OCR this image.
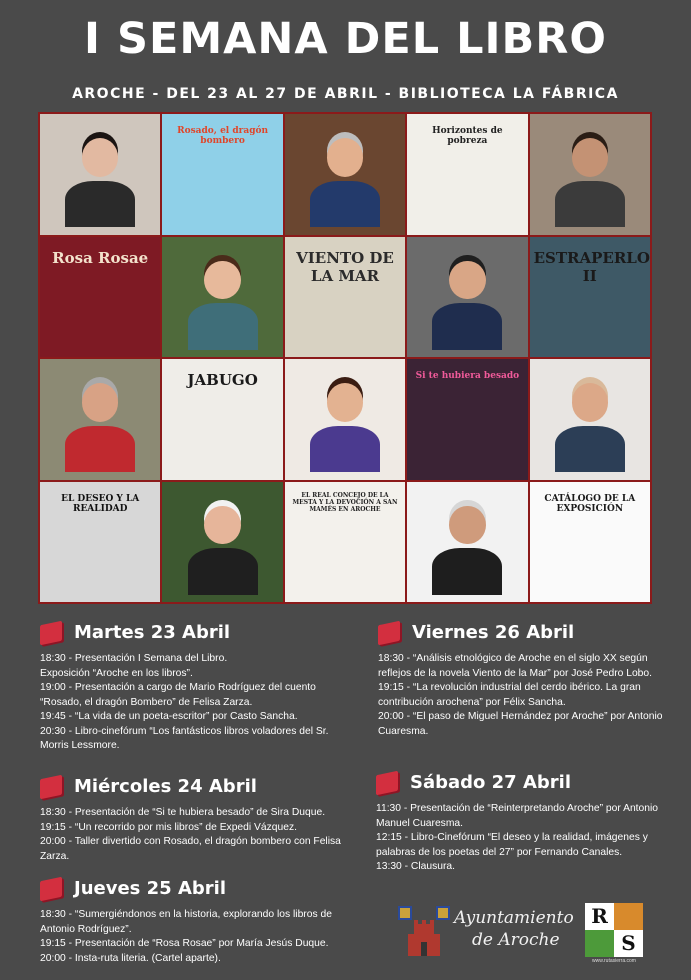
I SEMANA DEL LIBRO
AROCHE - DEL 23 AL 27 DE ABRIL - BIBLIOTECA LA FÁBRICA
Rosado, el dragón bombero
Horizontes de pobreza
Rosa Rosae	VIENTO DE LA MAR
ESTRAPERLO II
JABUGO	Si te hubiera besado
EL DESEO Y LA REALIDAD
EL REAL CONCEJO DE LA MESTA Y LA DEVOCIÓN A SAN MAMÉS EN AROCHE
CATÁLOGO DE LA EXPOSICIÓN
Martes 23 Abril
18:30 - Presentación I Semana del Libro.
Exposición “Aroche en los libros”.
19:00 - Presentación a cargo de Mario Rodríguez del cuento “Rosado, el dragón Bombero” de Felisa Zarza.
19:45 - “La vida de un poeta-escritor” por Casto Sancha.
20:30 - Libro-cinefórum “Los fantásticos libros voladores del Sr. Morris Lessmore.
Miércoles 24 Abril
18:30 - Presentación de “Si te hubiera besado” de Sira Duque.
19:15 - “Un recorrido por mis libros” de Expedi Vázquez.
20:00 - Taller divertido con Rosado, el dragón bombero con Felisa Zarza.
Jueves 25 Abril
18:30 - “Sumergiéndonos en la historia, explorando los libros de Antonio Rodríguez”.
19:15 - Presentación de “Rosa Rosae” por María Jesús Duque.
20:00 - Insta-ruta literia. (Cartel aparte).
Viernes 26 Abril
18:30 - “Análisis etnológico de Aroche en el siglo XX según reflejos de la novela Viento de la Mar” por José Pedro Lobo.
19:15 - “La revolución industrial del cerdo ibérico. La gran contribución arochena” por Félix Sancha.
20:00 - “El paso de Miguel Hernández por Aroche” por Antonio Cuaresma.
Sábado 27 Abril
11:30 - Presentación de “Reinterpretando Aroche” por Antonio Manuel Cuaresma.
12:15 - Libro-Cinefórum “El deseo y la realidad, imágenes y palabras de los poetas del 27” por Fernando Canales.
13:30 - Clausura.
Ayuntamiento
de Aroche
R
S
www.rutasierra.com
